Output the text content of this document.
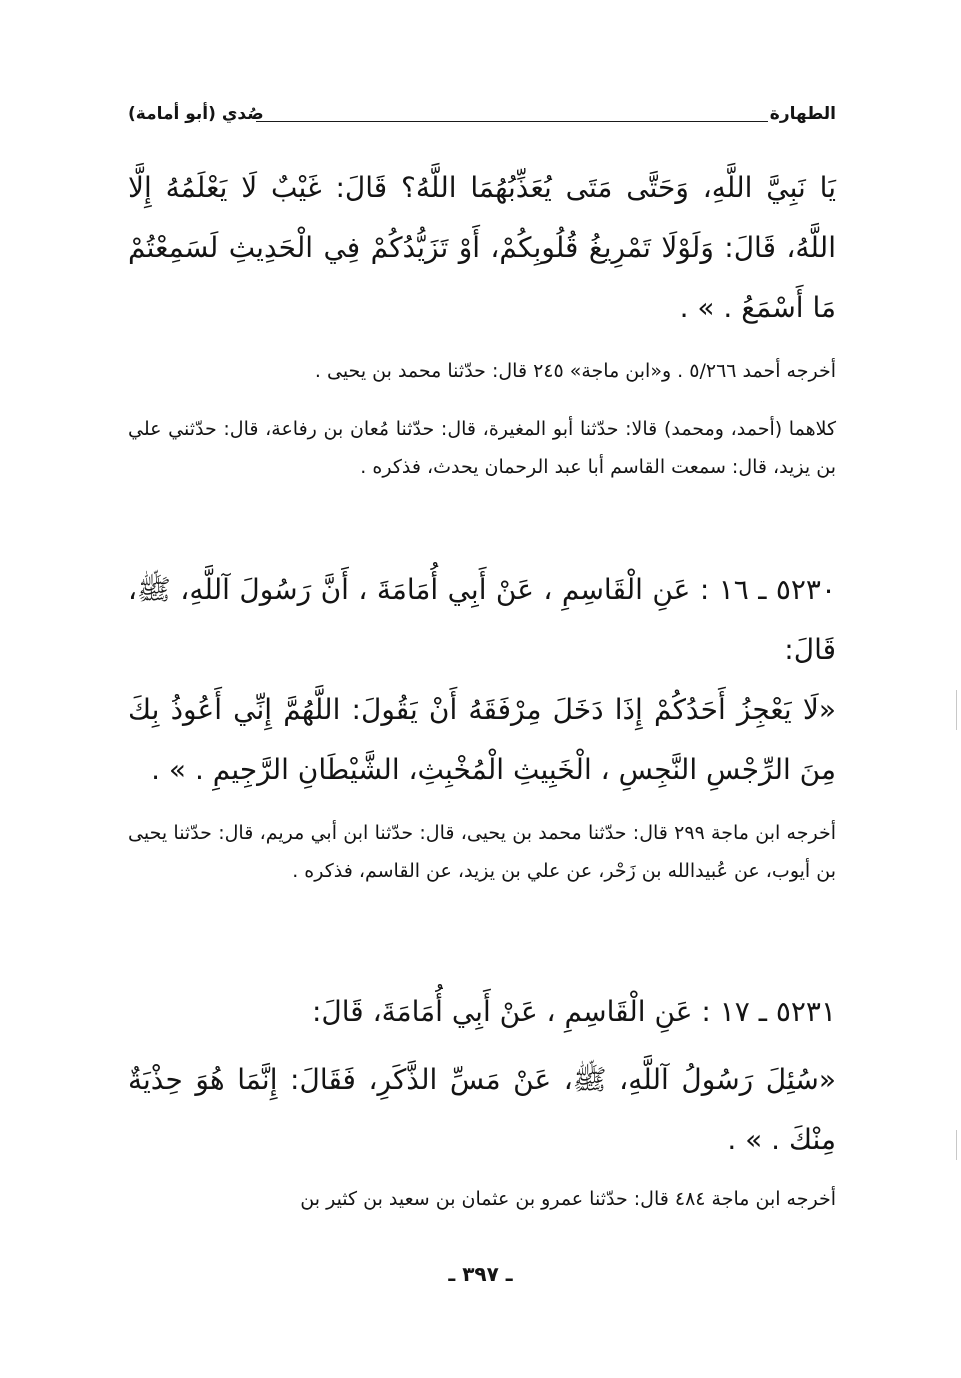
الطهارة
صُدي (أبو أمامة)
يَا نَبِيَّ اللَّهِ، وَحَتَّى مَتَى يُعَذِّبُهُمَا اللَّهُ؟ قَالَ: غَيْبٌ لَا يَعْلَمُهُ إِلَّا اللَّهُ، قَالَ: وَلَوْلَا تَمْرِيغُ قُلُوبِكُمْ، أَوْ تَزَيُّدُكُمْ فِي الْحَدِيثِ لَسَمِعْتُمْ مَا أَسْمَعُ . » .
أخرجه أحمد ٥/٢٦٦ . و«ابن ماجة» ٢٤٥ قال: حدّثنا محمد بن يحيى .
كلاهما (أحمد، ومحمد) قالا: حدّثنا أبو المغيرة، قال: حدّثنا مُعان بن رفاعة، قال: حدّثني علي بن يزيد، قال: سمعت القاسم أبا عبد الرحمان يحدث، فذكره .
٥٢٣٠ ـ ١٦ : عَنِ الْقَاسِمِ ، عَنْ أَبِي أُمَامَةَ ، أَنَّ رَسُولَ آللَّهِ، ﷺ، قَالَ:
«لَا يَعْجِزُ أَحَدُكُمْ إِذَا دَخَلَ مِرْفَقَهُ أَنْ يَقُولَ: اللَّهُمَّ إِنِّي أَعُوذُ بِكَ مِنَ الرِّجْسِ النَّجِسِ ، الْخَبِيثِ الْمُخْبِثِ، الشَّيْطَانِ الرَّجِيمِ . » .
أخرجه ابن ماجة ٢٩٩ قال: حدّثنا محمد بن يحيى، قال: حدّثنا ابن أبي مريم، قال: حدّثنا يحيى بن أيوب، عن عُبيدالله بن زَحْر، عن علي بن يزيد، عن القاسم، فذكره .
٥٢٣١ ـ ١٧ : عَنِ الْقَاسِمِ ، عَنْ أَبِي أُمَامَةَ، قَالَ:
«سُئِلَ رَسُولُ آللَّهِ، ﷺ، عَنْ مَسِّ الذَّكَرِ، فَقَالَ: إِنَّمَا هُوَ حِذْيَةٌ مِنْكَ . » .
أخرجه ابن ماجة ٤٨٤ قال: حدّثنا عمرو بن عثمان بن سعيد بن كثير بن
ـ ٣٩٧ ـ
